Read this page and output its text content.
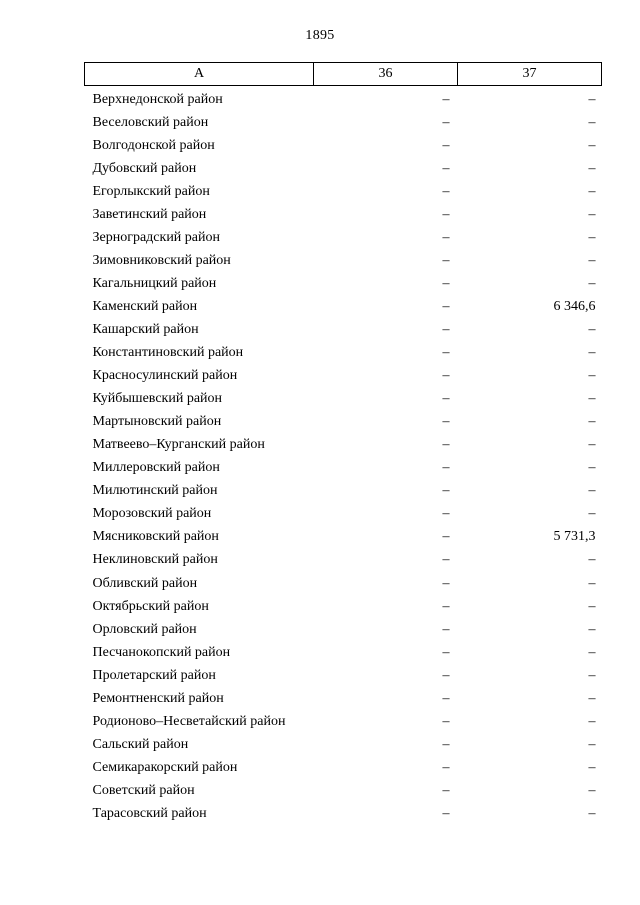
1895
А	36	37
Верхнедонской район	–	–
Веселовский район	–	–
Волгодонской район	–	–
Дубовский район	–	–
Егорлыкский район	–	–
Заветинский район	–	–
Зерноградский район	–	–
Зимовниковский район	–	–
Кагальницкий район	–	–
Каменский район	–	6 346,6
Кашарский район	–	–
Константиновский район	–	–
Красносулинский район	–	–
Куйбышевский район	–	–
Мартыновский район	–	–
Матвеево–Курганский район	–	–
Миллеровский район	–	–
Милютинский район	–	–
Морозовский район	–	–
Мясниковский район	–	5 731,3
Неклиновский район	–	–
Обливский район	–	–
Октябрьский район	–	–
Орловский район	–	–
Песчанокопский район	–	–
Пролетарский район	–	–
Ремонтненский район	–	–
Родионово–Несветайский район	–	–
Сальский район	–	–
Семикаракорский район	–	–
Советский район	–	–
Тарасовский район	–	–
